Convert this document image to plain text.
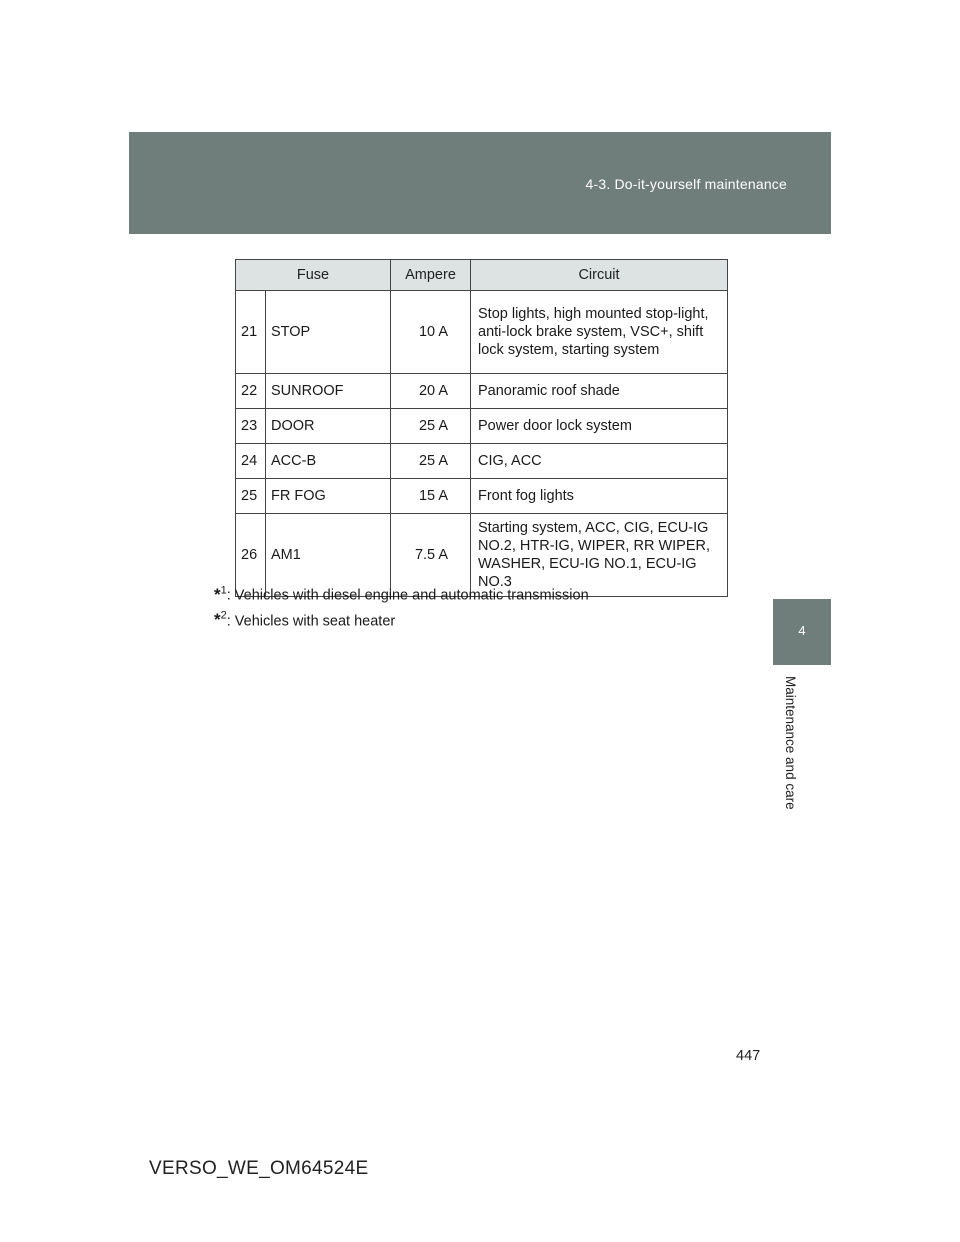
4-3. Do-it-yourself maintenance
4
Maintenance and care
Fuse		Ampere	Circuit
21	STOP	10 A	Stop lights, high mounted stop-light, anti-lock brake system, VSC+, shift lock system, starting system
22	SUNROOF	20 A	Panoramic roof shade
23	DOOR	25 A	Power door lock system
24	ACC-B	25 A	CIG, ACC
25	FR FOG	15 A	Front fog lights
26	AM1	7.5 A	Starting system, ACC, CIG, ECU-IG NO.2, HTR-IG, WIPER, RR WIPER, WASHER, ECU-IG NO.1, ECU-IG NO.3
*$^1$: Vehicles with diesel engine and automatic transmission
*$^2$: Vehicles with seat heater
447
VERSO_WE_OM64524E
